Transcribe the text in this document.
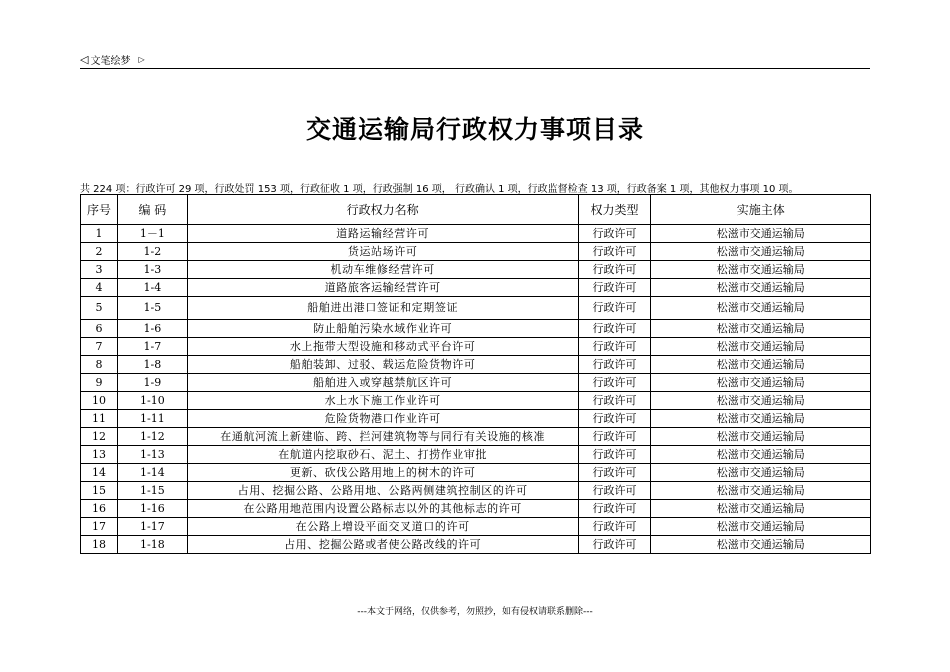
◁ 文笔绘梦 ▷
交通运输局行政权力事项目录
共 224 项：行政许可 29 项，行政处罚 153 项，行政征收 1 项，行政强制 16 项， 行政确认 1 项，行政监督检查 13 项，行政备案 1 项，其他权力事项 10 项。
序号	编 码	行政权力名称	权力类型	实施主体
1	1－1	道路运输经营许可	行政许可	松滋市交通运输局
2	1-2	货运站场许可	行政许可	松滋市交通运输局
3	1-3	机动车维修经营许可	行政许可	松滋市交通运输局
4	1-4	道路旅客运输经营许可	行政许可	松滋市交通运输局
5	1-5	船舶进出港口签证和定期签证	行政许可	松滋市交通运输局
6	1-6	防止船舶污染水域作业许可	行政许可	松滋市交通运输局
7	1-7	水上拖带大型设施和移动式平台许可	行政许可	松滋市交通运输局
8	1-8	船舶装卸、过驳、载运危险货物许可	行政许可	松滋市交通运输局
9	1-9	船舶进入或穿越禁航区许可	行政许可	松滋市交通运输局
10	1-10	水上水下施工作业许可	行政许可	松滋市交通运输局
11	1-11	危险货物港口作业许可	行政许可	松滋市交通运输局
12	1-12	在通航河流上新建临、跨、拦河建筑物等与同行有关设施的核准	行政许可	松滋市交通运输局
13	1-13	在航道内挖取砂石、泥土、打捞作业审批	行政许可	松滋市交通运输局
14	1-14	更新、砍伐公路用地上的树木的许可	行政许可	松滋市交通运输局
15	1-15	占用、挖掘公路、公路用地、公路两侧建筑控制区的许可	行政许可	松滋市交通运输局
16	1-16	在公路用地范围内设置公路标志以外的其他标志的许可	行政许可	松滋市交通运输局
17	1-17	在公路上增设平面交叉道口的许可	行政许可	松滋市交通运输局
18	1-18	占用、挖掘公路或者使公路改线的许可	行政许可	松滋市交通运输局
---本文于网络，仅供参考，勿照抄，如有侵权请联系删除---
